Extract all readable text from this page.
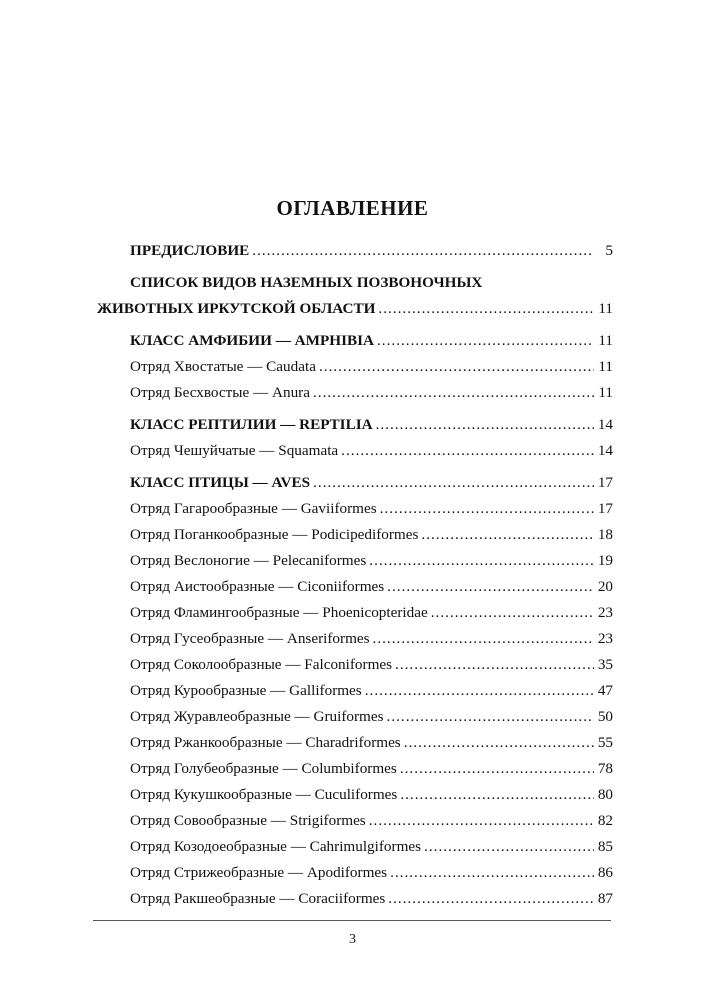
ОГЛАВЛЕНИЕ
ПРЕДИСЛОВИЕ .....	5
СПИСОК ВИДОВ НАЗЕМНЫХ ПОЗВОНОЧНЫХ
ЖИВОТНЫХ ИРКУТСКОЙ ОБЛАСТИ .....	11
КЛАСС АМФИБИИ — AMPHIBIA .....	11
Отряд Хвостатые — Caudata .....	11
Отряд Бесхвостые — Anura .....	11
КЛАСС РЕПТИЛИИ — REPTILIA .....	14
Отряд Чешуйчатые — Squamata .....	14
КЛАСС ПТИЦЫ — AVES .....	17
Отряд Гагарообразные — Gaviiformes .....	17
Отряд Поганкообразные — Podicipediformes .....	18
Отряд Веслоногие — Pelecaniformes .....	19
Отряд Аистообразные — Ciconiiformes .....	20
Отряд Фламингообразные — Phoenicopteridae .....	23
Отряд Гусеобразные — Anseriformes .....	23
Отряд Соколообразные — Falconiformes .....	35
Отряд Курообразные — Galliformes .....	47
Отряд Журавлеобразные — Gruiformes .....	50
Отряд Ржанкообразные — Charadriformes .....	55
Отряд Голубеобразные — Columbiformes .....	78
Отряд Кукушкообразные — Cuculiformes .....	80
Отряд Совообразные — Strigiformes .....	82
Отряд Козодоеобразные — Cahrimulgiformes .....	85
Отряд Стрижеобразные — Apodiformes .....	86
Отряд Ракшеобразные — Coraciiformes .....	87
3
